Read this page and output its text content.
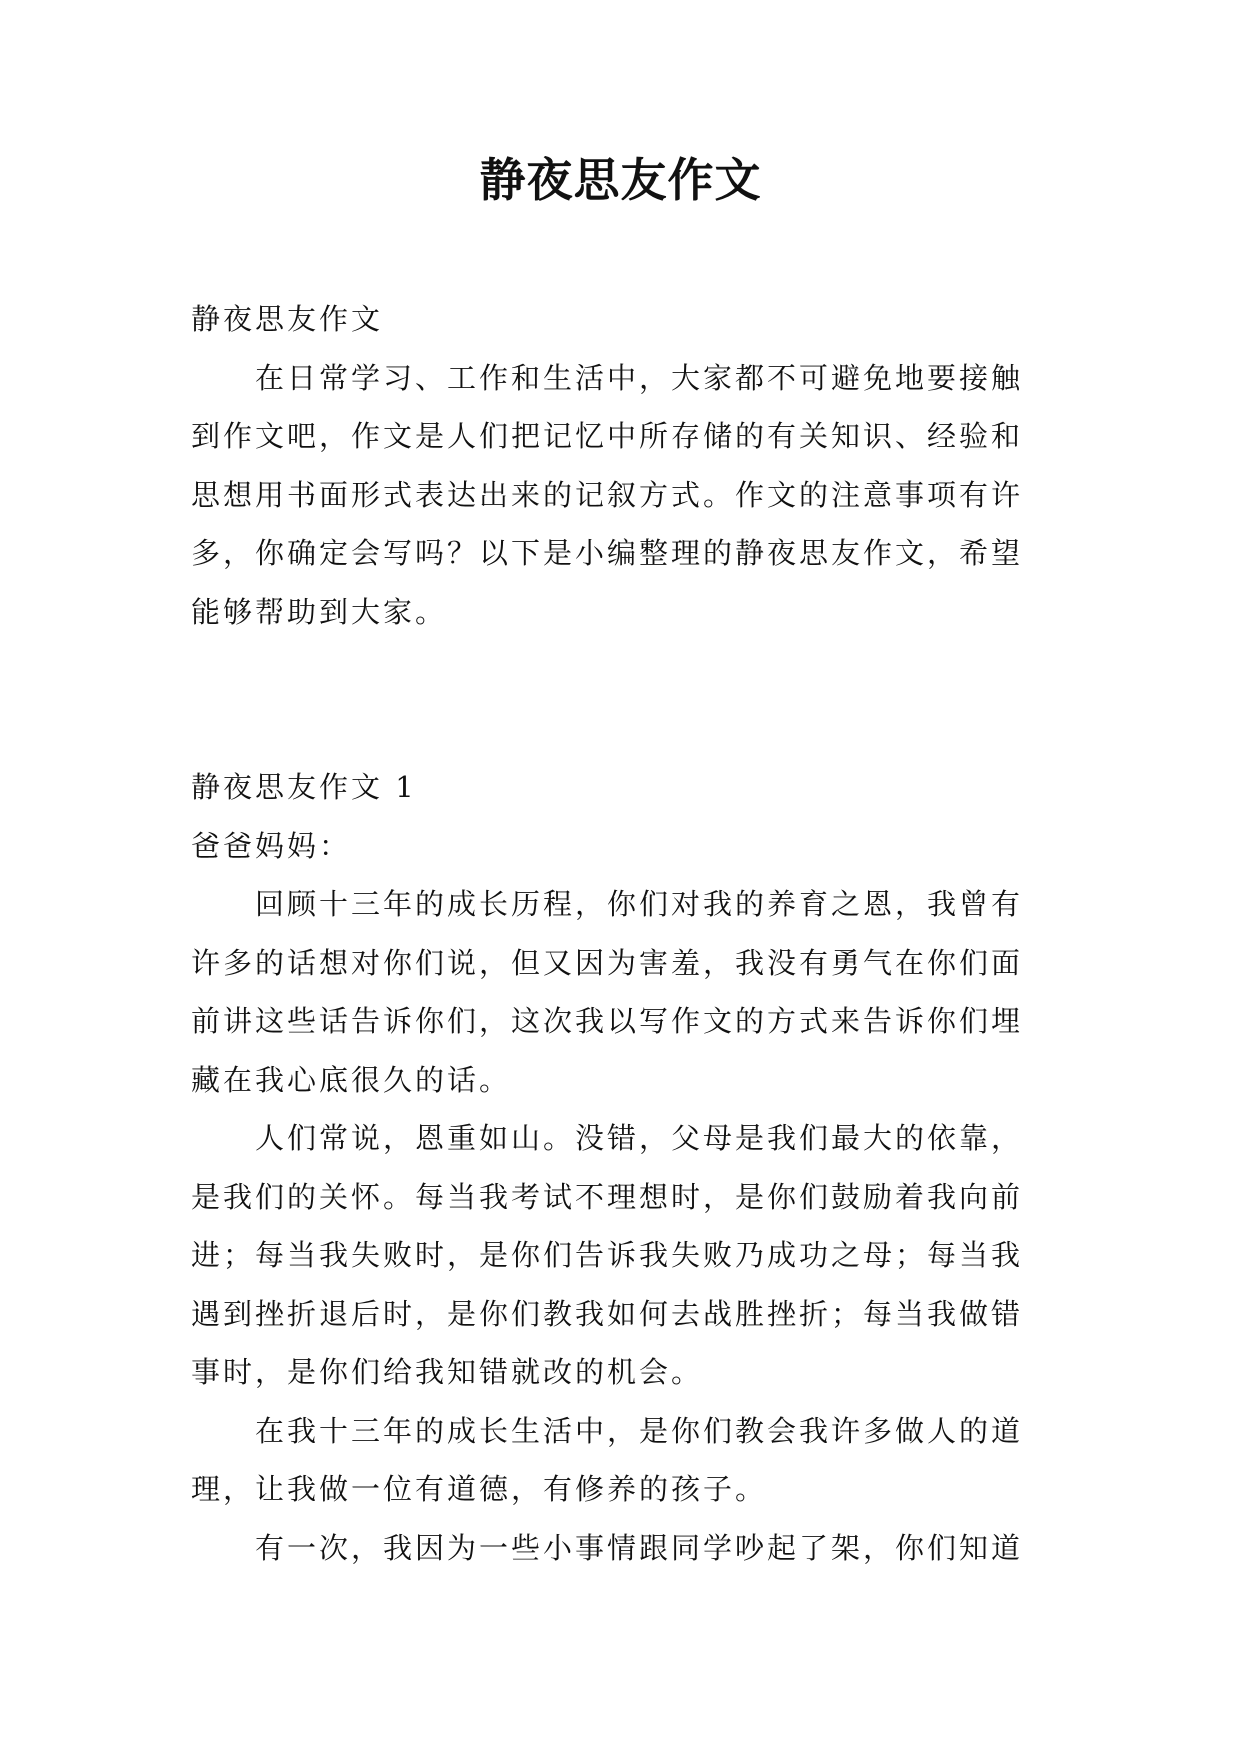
静夜思友作文

静夜思友作文

　　在日常学习、工作和生活中，大家都不可避免地要接触

到作文吧，作文是人们把记忆中所存储的有关知识、经验和

思想用书面形式表达出来的记叙方式。作文的注意事项有许

多，你确定会写吗？以下是小编整理的静夜思友作文，希望

能够帮助到大家。

静夜思友作文 1

爸爸妈妈：

　　回顾十三年的成长历程，你们对我的养育之恩，我曾有

许多的话想对你们说，但又因为害羞，我没有勇气在你们面

前讲这些话告诉你们，这次我以写作文的方式来告诉你们埋

藏在我心底很久的话。

　　人们常说，恩重如山。没错，父母是我们最大的依靠，

是我们的关怀。每当我考试不理想时，是你们鼓励着我向前

进；每当我失败时，是你们告诉我失败乃成功之母；每当我

遇到挫折退后时，是你们教我如何去战胜挫折；每当我做错

事时，是你们给我知错就改的机会。

　　在我十三年的成长生活中，是你们教会我许多做人的道

理，让我做一位有道德，有修养的孩子。

　　有一次，我因为一些小事情跟同学吵起了架，你们知道
